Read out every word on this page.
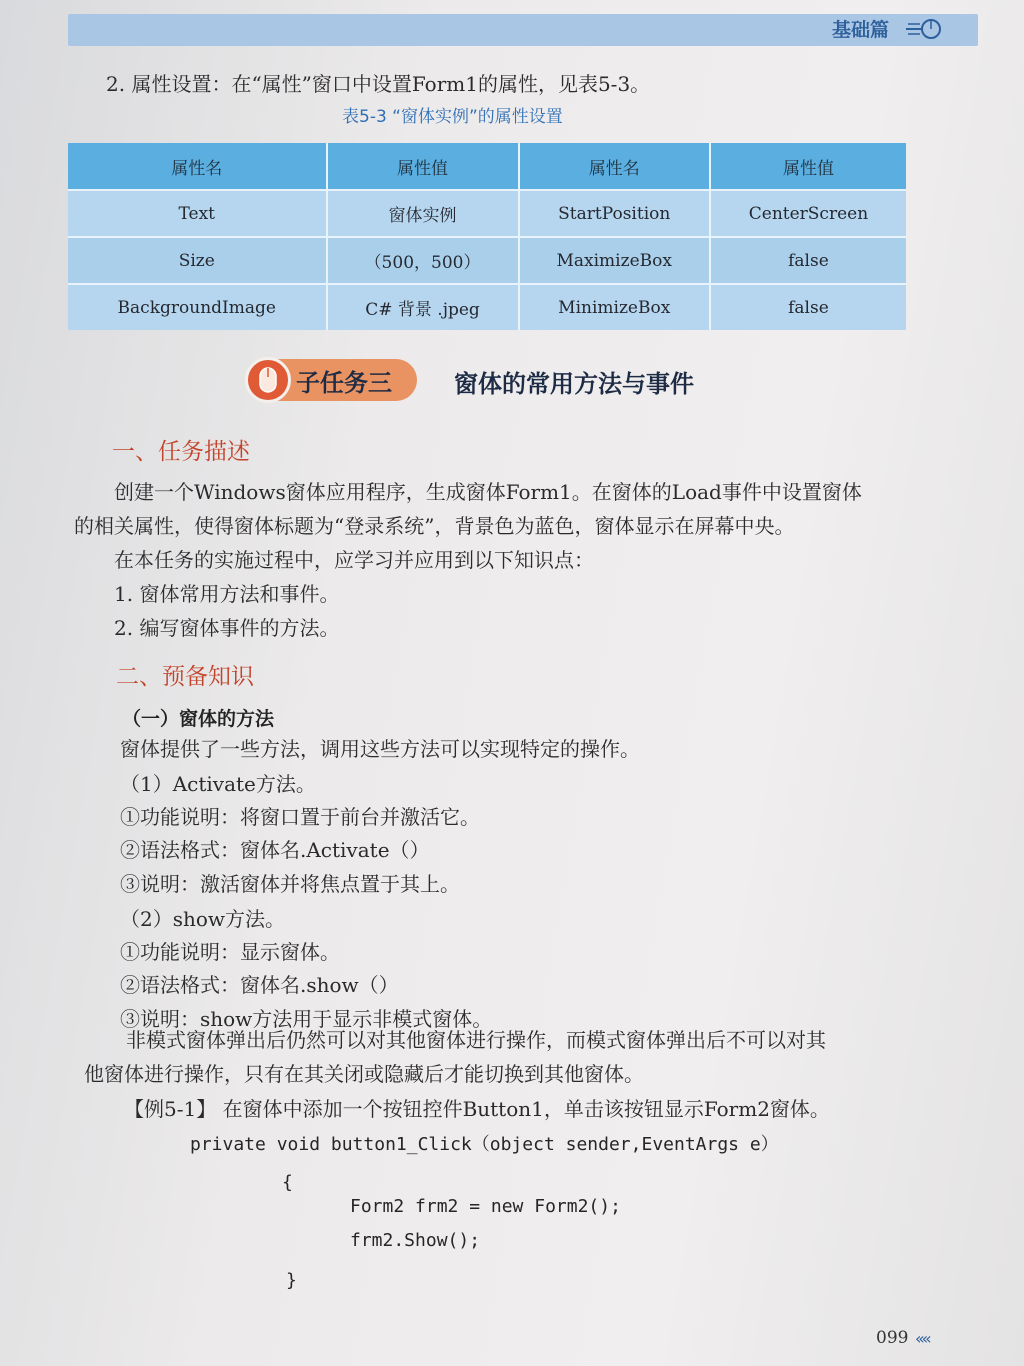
基础篇
2. 属性设置：在“属性”窗口中设置Form1的属性，见表5-3。
表5-3 “窗体实例”的属性设置
属性名	属性值	属性名	属性值
Text	窗体实例	StartPosition	CenterScreen
Size	（500，500）	MaximizeBox	false
BackgroundImage	C# 背景 .jpeg	MinimizeBox	false
子任务三	窗体的常用方法与事件
一、任务描述
创建一个Windows窗体应用程序，生成窗体Form1。在窗体的Load事件中设置窗体
的相关属性，使得窗体标题为“登录系统”，背景色为蓝色，窗体显示在屏幕中央。
在本任务的实施过程中，应学习并应用到以下知识点：
1. 窗体常用方法和事件。
2. 编写窗体事件的方法。
二、预备知识
（一）窗体的方法
窗体提供了一些方法，调用这些方法可以实现特定的操作。
（1）Activate方法。
①功能说明：将窗口置于前台并激活它。
②语法格式：窗体名.Activate（）
③说明：激活窗体并将焦点置于其上。
（2）show方法。
①功能说明：显示窗体。
②语法格式：窗体名.show（）
③说明：show方法用于显示非模式窗体。
非模式窗体弹出后仍然可以对其他窗体进行操作，而模式窗体弹出后不可以对其
他窗体进行操作，只有在其关闭或隐藏后才能切换到其他窗体。
【例5-1】 在窗体中添加一个按钮控件Button1，单击该按钮显示Form2窗体。
private void button1_Click（object sender,EventArgs e）
{
Form2 frm2 = new Form2();
frm2.Show();
}
099 ‹‹‹‹
